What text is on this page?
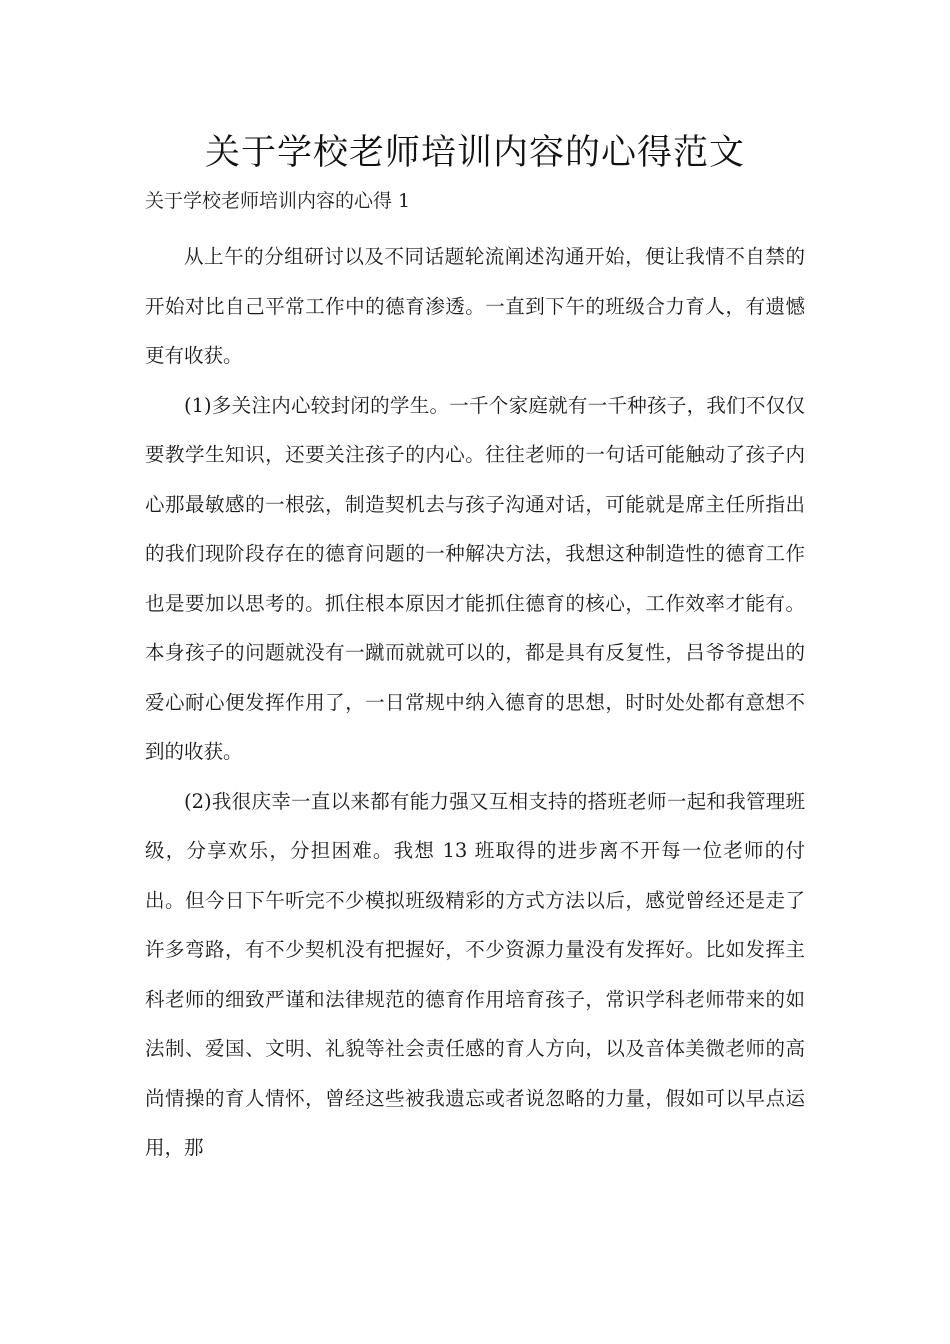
关于学校老师培训内容的心得范文

关于学校老师培训内容的心得 1

从上午的分组研讨以及不同话题轮流阐述沟通开始，便让我情不自禁的开始对比自己平常工作中的德育渗透。一直到下午的班级合力育人，有遗憾更有收获。

(1)多关注内心较封闭的学生。一千个家庭就有一千种孩子，我们不仅仅要教学生知识，还要关注孩子的内心。往往老师的一句话可能触动了孩子内心那最敏感的一根弦，制造契机去与孩子沟通对话，可能就是席主任所指出的我们现阶段存在的德育问题的一种解决方法，我想这种制造性的德育工作也是要加以思考的。抓住根本原因才能抓住德育的核心，工作效率才能有。本身孩子的问题就没有一蹴而就就可以的，都是具有反复性，吕爷爷提出的爱心耐心便发挥作用了，一日常规中纳入德育的思想，时时处处都有意想不到的收获。

(2)我很庆幸一直以来都有能力强又互相支持的搭班老师一起和我管理班级，分享欢乐，分担困难。我想 13 班取得的进步离不开每一位老师的付出。但今日下午听完不少模拟班级精彩的方式方法以后，感觉曾经还是走了许多弯路，有不少契机没有把握好，不少资源力量没有发挥好。比如发挥主科老师的细致严谨和法律规范的德育作用培育孩子，常识学科老师带来的如法制、爱国、文明、礼貌等社会责任感的育人方向，以及音体美微老师的高尚情操的育人情怀，曾经这些被我遗忘或者说忽略的力量，假如可以早点运用，那
